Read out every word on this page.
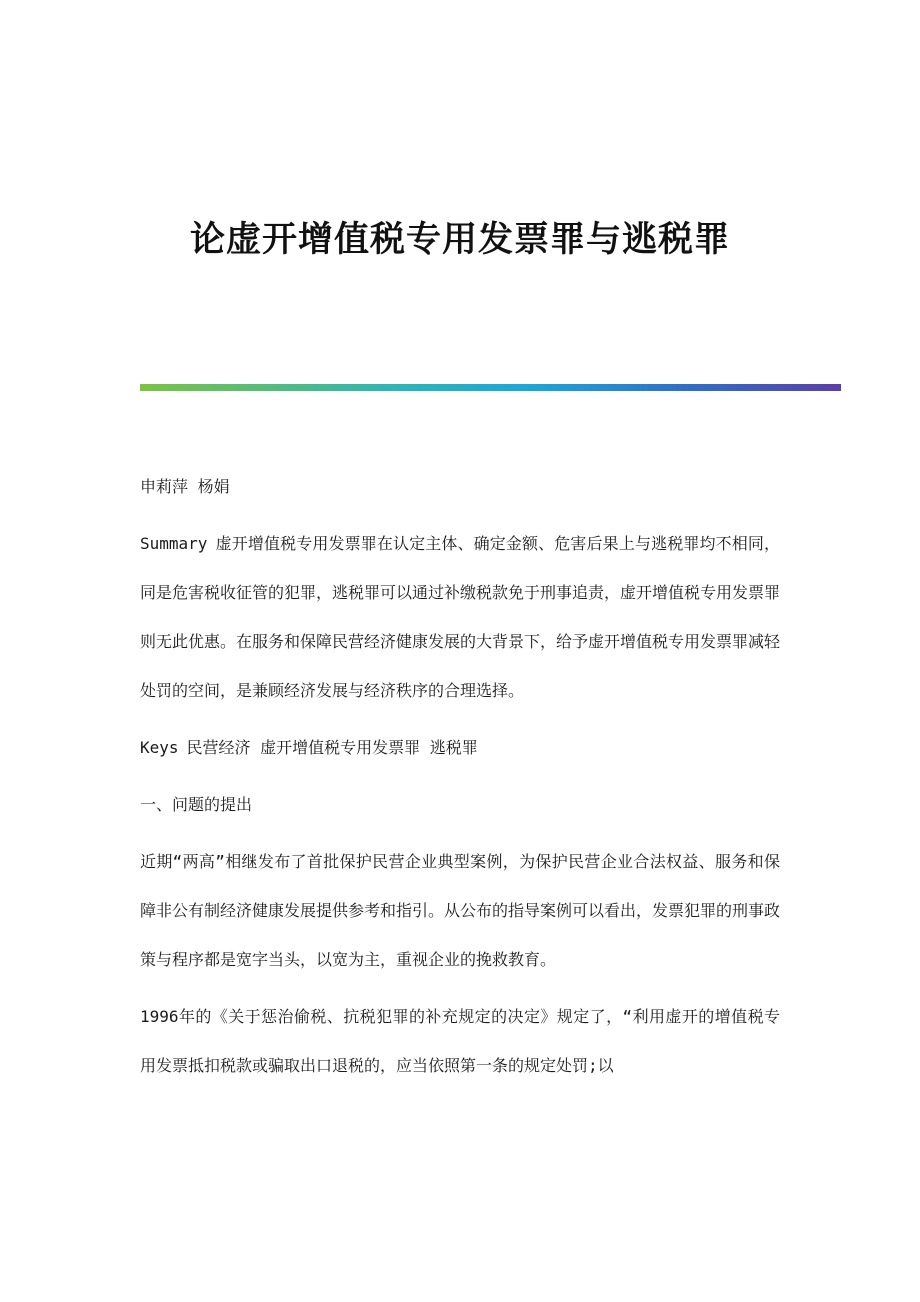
论虚开增值税专用发票罪与逃税罪

申莉萍 杨娟

Summary 虚开增值税专用发票罪在认定主体、确定金额、危害后果上与逃税罪均不相同，同是危害税收征管的犯罪，逃税罪可以通过补缴税款免于刑事追责，虚开增值税专用发票罪则无此优惠。在服务和保障民营经济健康发展的大背景下，给予虚开增值税专用发票罪减轻处罚的空间，是兼顾经济发展与经济秩序的合理选择。

Keys 民营经济 虚开增值税专用发票罪 逃税罪

一、问题的提出

近期“两高”相继发布了首批保护民营企业典型案例，为保护民营企业合法权益、服务和保障非公有制经济健康发展提供参考和指引。从公布的指导案例可以看出，发票犯罪的刑事政策与程序都是宽字当头，以宽为主，重视企业的挽救教育。

1996年的《关于惩治偷税、抗税犯罪的补充规定的决定》规定了，“利用虚开的增值税专用发票抵扣税款或骗取出口退税的，应当依照第一条的规定处罚;以
